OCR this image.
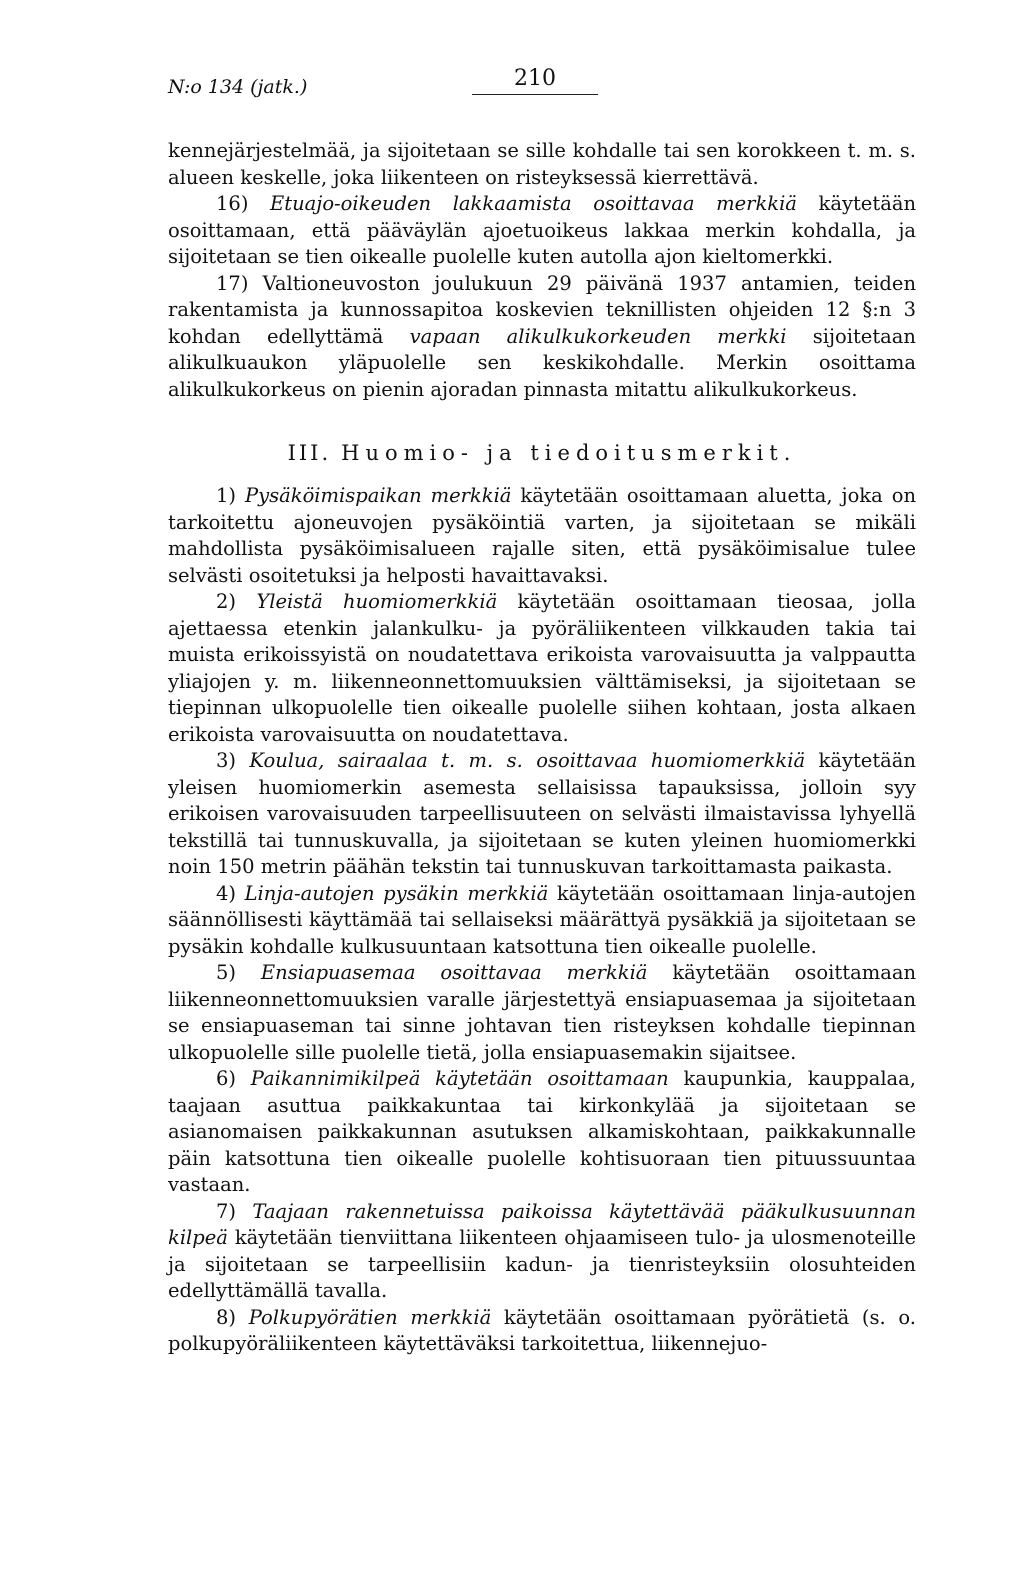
N:o 134 (jatk.)	210

kennejärjestelmää, ja sijoitetaan se sille kohdalle tai sen korokkeen t. m. s. alueen keskelle, joka liikenteen on risteyksessä kierrettävä.

16) Etuajo-oikeuden lakkaamista osoittavaa merkkiä käytetään osoittamaan, että pääväylän ajoetuoikeus lakkaa merkin kohdalla, ja sijoitetaan se tien oikealle puolelle kuten autolla ajon kieltomerkki.

17) Valtioneuvoston joulukuun 29 päivänä 1937 antamien, teiden rakentamista ja kunnossapitoa koskevien teknillisten ohjeiden 12 §:n 3 kohdan edellyttämä vapaan alikulkukorkeuden merkki sijoitetaan alikulkuaukon yläpuolelle sen keskikohdalle. Merkin osoittama alikulkukorkeus on pienin ajoradan pinnasta mitattu alikulkukorkeus.

III. Huomio- ja tiedoitusmerkit.

1) Pysäköimispaikan merkkiä käytetään osoittamaan aluetta, joka on tarkoitettu ajoneuvojen pysäköintiä varten, ja sijoitetaan se mikäli mahdollista pysäköimisalueen rajalle siten, että pysäköimisalue tulee selvästi osoitetuksi ja helposti havaittavaksi.

2) Yleistä huomiomerkkiä käytetään osoittamaan tieosaa, jolla ajettaessa etenkin jalankulku- ja pyöräliikenteen vilkkauden takia tai muista erikoissyistä on noudatettava erikoista varovaisuutta ja valppautta yliajojen y. m. liikenneonnettomuuksien välttämiseksi, ja sijoitetaan se tiepinnan ulkopuolelle tien oikealle puolelle siihen kohtaan, josta alkaen erikoista varovaisuutta on noudatettava.

3) Koulua, sairaalaa t. m. s. osoittavaa huomiomerkkiä käytetään yleisen huomiomerkin asemesta sellaisissa tapauksissa, jolloin syy erikoisen varovaisuuden tarpeellisuuteen on selvästi ilmaistavissa lyhyellä tekstillä tai tunnuskuvalla, ja sijoitetaan se kuten yleinen huomiomerkki noin 150 metrin päähän tekstin tai tunnuskuvan tarkoittamasta paikasta.

4) Linja-autojen pysäkin merkkiä käytetään osoittamaan linja-autojen säännöllisesti käyttämää tai sellaiseksi määrättyä pysäkkiä ja sijoitetaan se pysäkin kohdalle kulkusuuntaan katsottuna tien oikealle puolelle.

5) Ensiapuasemaa osoittavaa merkkiä käytetään osoittamaan liikenneonnettomuuksien varalle järjestettyä ensiapuasemaa ja sijoitetaan se ensiapuaseman tai sinne johtavan tien risteyksen kohdalle tiepinnan ulkopuolelle sille puolelle tietä, jolla ensiapuasemakin sijaitsee.

6) Paikannimikilpeä käytetään osoittamaan kaupunkia, kauppalaa, taajaan asuttua paikkakuntaa tai kirkonkylää ja sijoitetaan se asianomaisen paikkakunnan asutuksen alkamiskohtaan, paikkakunnalle päin katsottuna tien oikealle puolelle kohtisuoraan tien pituussuuntaa vastaan.

7) Taajaan rakennetuissa paikoissa käytettävää pääkulkusuunnan kilpeä käytetään tienviittana liikenteen ohjaamiseen tulo- ja ulosmenoteille ja sijoitetaan se tarpeellisiin kadun- ja tienristeyksiin olosuhteiden edellyttämällä tavalla.

8) Polkupyörätien merkkiä käytetään osoittamaan pyörätietä (s. o. polkupyöräliikenteen käytettäväksi tarkoitettua, liikennejuo-
